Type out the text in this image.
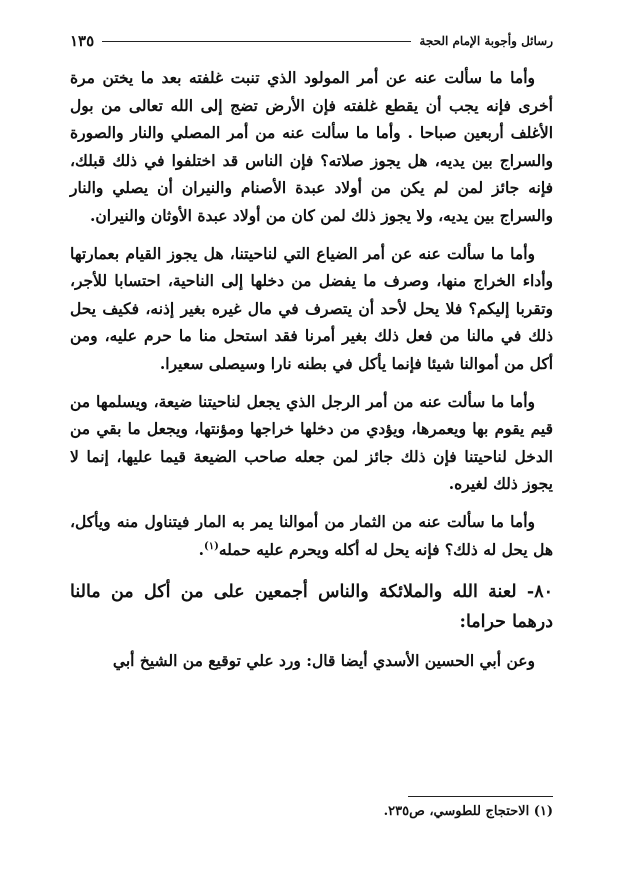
رسائل وأجوبة الإمام الحجة
١٣٥

وأما ما سألت عنه عن أمر المولود الذي تنبت غلفته بعد ما يختن مرة أخرى فإنه يجب أن يقطع غلفته فإن الأرض تضج إلى الله تعالى من بول الأغلف أربعين صباحا . وأما ما سألت عنه من أمر المصلي والنار والصورة والسراج بين يديه، هل يجوز صلاته؟ فإن الناس قد اختلفوا في ذلك قبلك، فإنه جائز لمن لم يكن من أولاد عبدة الأصنام والنيران أن يصلي والنار والسراج بين يديه، ولا يجوز ذلك لمن كان من أولاد عبدة الأوثان والنيران.

وأما ما سألت عنه عن أمر الضياع التي لناحيتنا، هل يجوز القيام بعمارتها وأداء الخراج منها، وصرف ما يفضل من دخلها إلى الناحية، احتسابا للأجر، وتقربا إليكم؟ فلا يحل لأحد أن يتصرف في مال غيره بغير إذنه، فكيف يحل ذلك في مالنا من فعل ذلك بغير أمرنا فقد استحل منا ما حرم عليه، ومن أكل من أموالنا شيئا فإنما يأكل في بطنه نارا وسيصلى سعيرا.

وأما ما سألت عنه من أمر الرجل الذي يجعل لناحيتنا ضيعة، ويسلمها من قيم يقوم بها ويعمرها، ويؤدي من دخلها خراجها ومؤنتها، ويجعل ما بقي من الدخل لناحيتنا فإن ذلك جائز لمن جعله صاحب الضيعة قيما عليها، إنما لا يجوز ذلك لغيره.

وأما ما سألت عنه من الثمار من أموالنا يمر به المار فيتناول منه ويأكل، هل يحل له ذلك؟ فإنه يحل له أكله ويحرم عليه حمله$^{(١)}$.

٨٠- لعنة الله والملائكة والناس أجمعين على من أكل من مالنا درهما حراما:

وعن أبي الحسين الأسدي أيضا قال: ورد علي توقيع من الشيخ أبي

(١) الاحتجاج للطوسي، ص٢٣٥.
